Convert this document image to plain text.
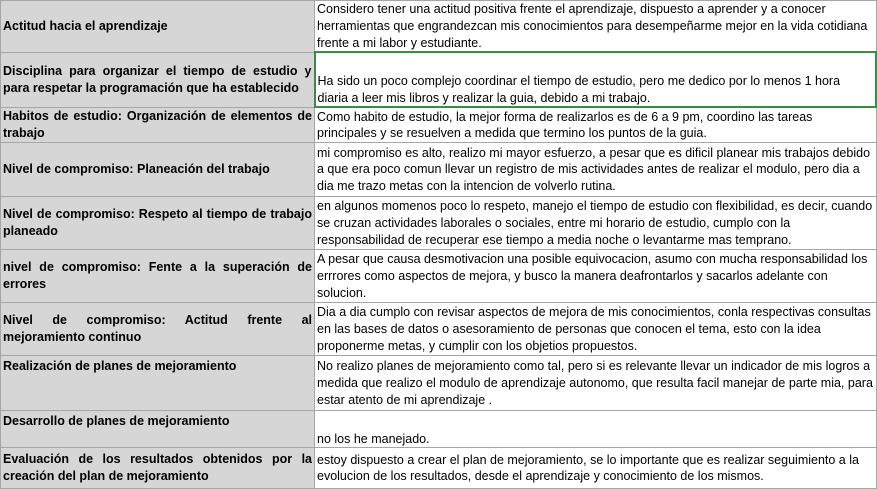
Actitud hacia el aprendizaje	Considero tener una actitud positiva frente el aprendizaje, dispuesto a aprender y a conocer herramientas que engrandezcan mis conocimientos para desempeñarme mejor en la vida cotidiana frente a mi labor y estudiante.
Disciplina para organizar el tiempo de estudio y para respetar la programación que ha establecido	Ha sido un poco complejo coordinar el tiempo de estudio, pero me dedico por lo menos 1 hora diaria a leer mis libros y realizar la guia, debido a mi trabajo.
Habitos de estudio: Organización de elementos de trabajo	Como habito de estudio, la mejor forma de realizarlos es de 6 a 9 pm, coordino las tareas principales y se resuelven a medida que termino los puntos de la guia.
Nivel de compromiso: Planeación del trabajo	mi compromiso es alto, realizo mi mayor esfuerzo, a pesar que es dificil planear mis trabajos debido a que era poco comun llevar un registro de mis actividades antes de realizar el modulo, pero dia a dia me trazo metas con la intencion de volverlo rutina.
Nivel de compromiso: Respeto al tiempo de trabajo planeado	en algunos momenos poco lo respeto, manejo el tiempo de estudio con flexibilidad, es decir, cuando se cruzan actividades laborales o sociales, entre mi horario de estudio, cumplo con la responsabilidad de recuperar ese tiempo a media noche o levantarme mas temprano.
nivel de compromiso: Fente a la superación de errores	A pesar que causa desmotivacion una posible equivocacion, asumo con mucha responsabilidad los errrores como aspectos de mejora, y busco la manera deafrontarlos y sacarlos adelante con solucion.
Nivel de compromiso: Actitud frente al mejoramiento continuo	Dia a dia cumplo con revisar aspectos de mejora de mis conocimientos, conla respectivas consultas en las bases de datos o asesoramiento de personas que conocen el tema, esto con la idea proponerme metas, y cumplir con los objetios propuestos.
Realización de planes de mejoramiento	No realizo planes de mejoramiento como tal, pero si es relevante llevar un indicador de mis logros a medida que realizo el modulo de aprendizaje autonomo, que resulta facil manejar de parte mia, para estar atento de mi aprendizaje .
Desarrollo de planes de mejoramiento	no los he manejado.
Evaluación de los resultados obtenidos por la creación del plan de mejoramiento	estoy dispuesto a crear el plan de mejoramiento, se lo importante que es realizar seguimiento a la evolucion de los resultados, desde el aprendizaje y conocimiento de los mismos.
